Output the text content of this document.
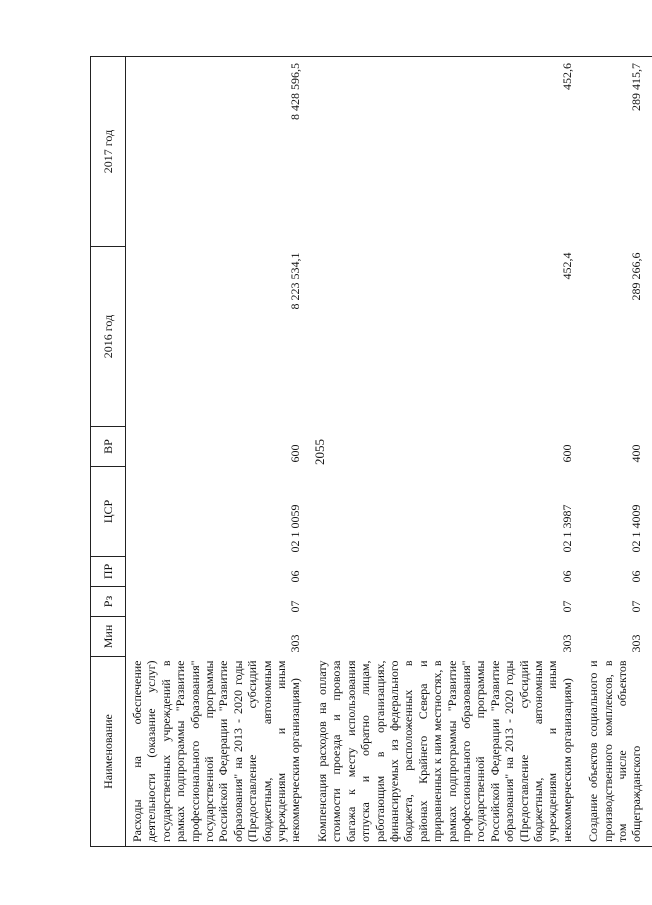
2055
Наименование	Мин	Рз	ПР	ЦСР	ВР	2016 год	2017 год
Расходы на обеспечение деятельности (оказание услуг) государственных учреждений в рамках подпрограммы "Развитие профессионального образования" государственной программы Российской Федерации "Развитие образования" на 2013 - 2020 годы (Предоставление субсидий бюджетным, автономным учреждениям и иным некоммерческим организациям)	303	07	06	02 1 0059	600	8 223 534,1	8 428 596,5
Компенсация расходов на оплату стоимости проезда и провоза багажа к месту использования отпуска и обратно лицам, работающим в организациях, финансируемых из федерального бюджета, расположенных в районах Крайнего Севера и приравненных к ним местностях, в рамках подпрограммы "Развитие профессионального образования" государственной программы Российской Федерации "Развитие образования" на 2013 - 2020 годы (Предоставление субсидий бюджетным, автономным учреждениям и иным некоммерческим организациям)	303	07	06	02 1 3987	600	452,4	452,6
Создание объектов социального и производственного комплексов, в том числе объектов общегражданского	303	07	06	02 1 4009	400	289 266,6	289 415,7
